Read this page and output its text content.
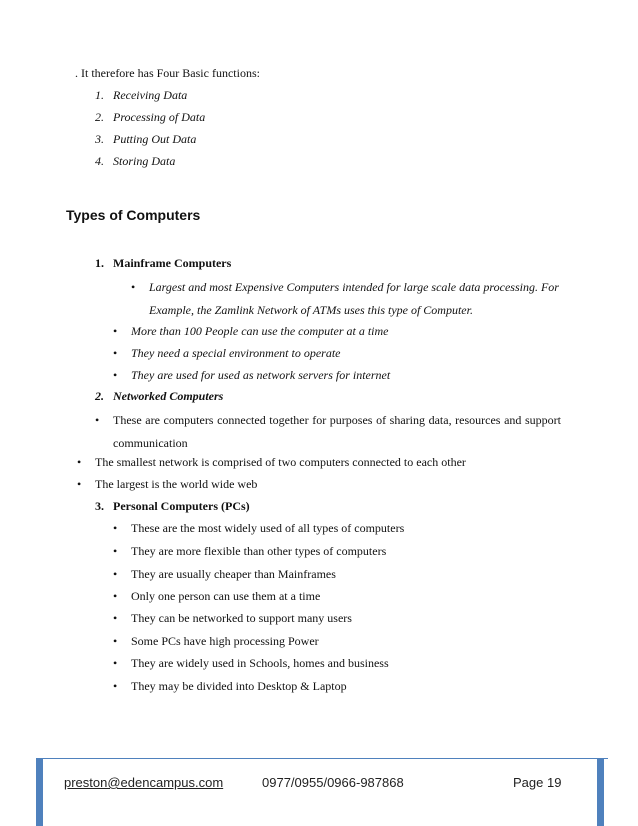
. It therefore has Four Basic functions:
1. Receiving Data
2. Processing of Data
3. Putting Out Data
4. Storing Data
Types of Computers
1. Mainframe Computers
• Largest and most Expensive Computers intended for large scale data processing. For Example, the Zamlink Network of ATMs uses this type of Computer.
• More than 100 People can use the computer at a time
• They need a special environment to operate
• They are used for used as network servers for internet
2. Networked Computers
• These are computers connected together for purposes of sharing data, resources and support communication
• The smallest network is comprised of two computers connected to each other
• The largest is the world wide web
3. Personal Computers (PCs)
• These are the most widely used of all types of computers
• They are more flexible than other types of computers
• They are usually cheaper than Mainframes
• Only one person can use them at a time
• They can be networked to support many users
• Some PCs have high processing Power
• They are widely used in Schools, homes and business
• They may be divided into Desktop & Laptop
preston@edencampus.com	0977/0955/0966-987868	Page 19
